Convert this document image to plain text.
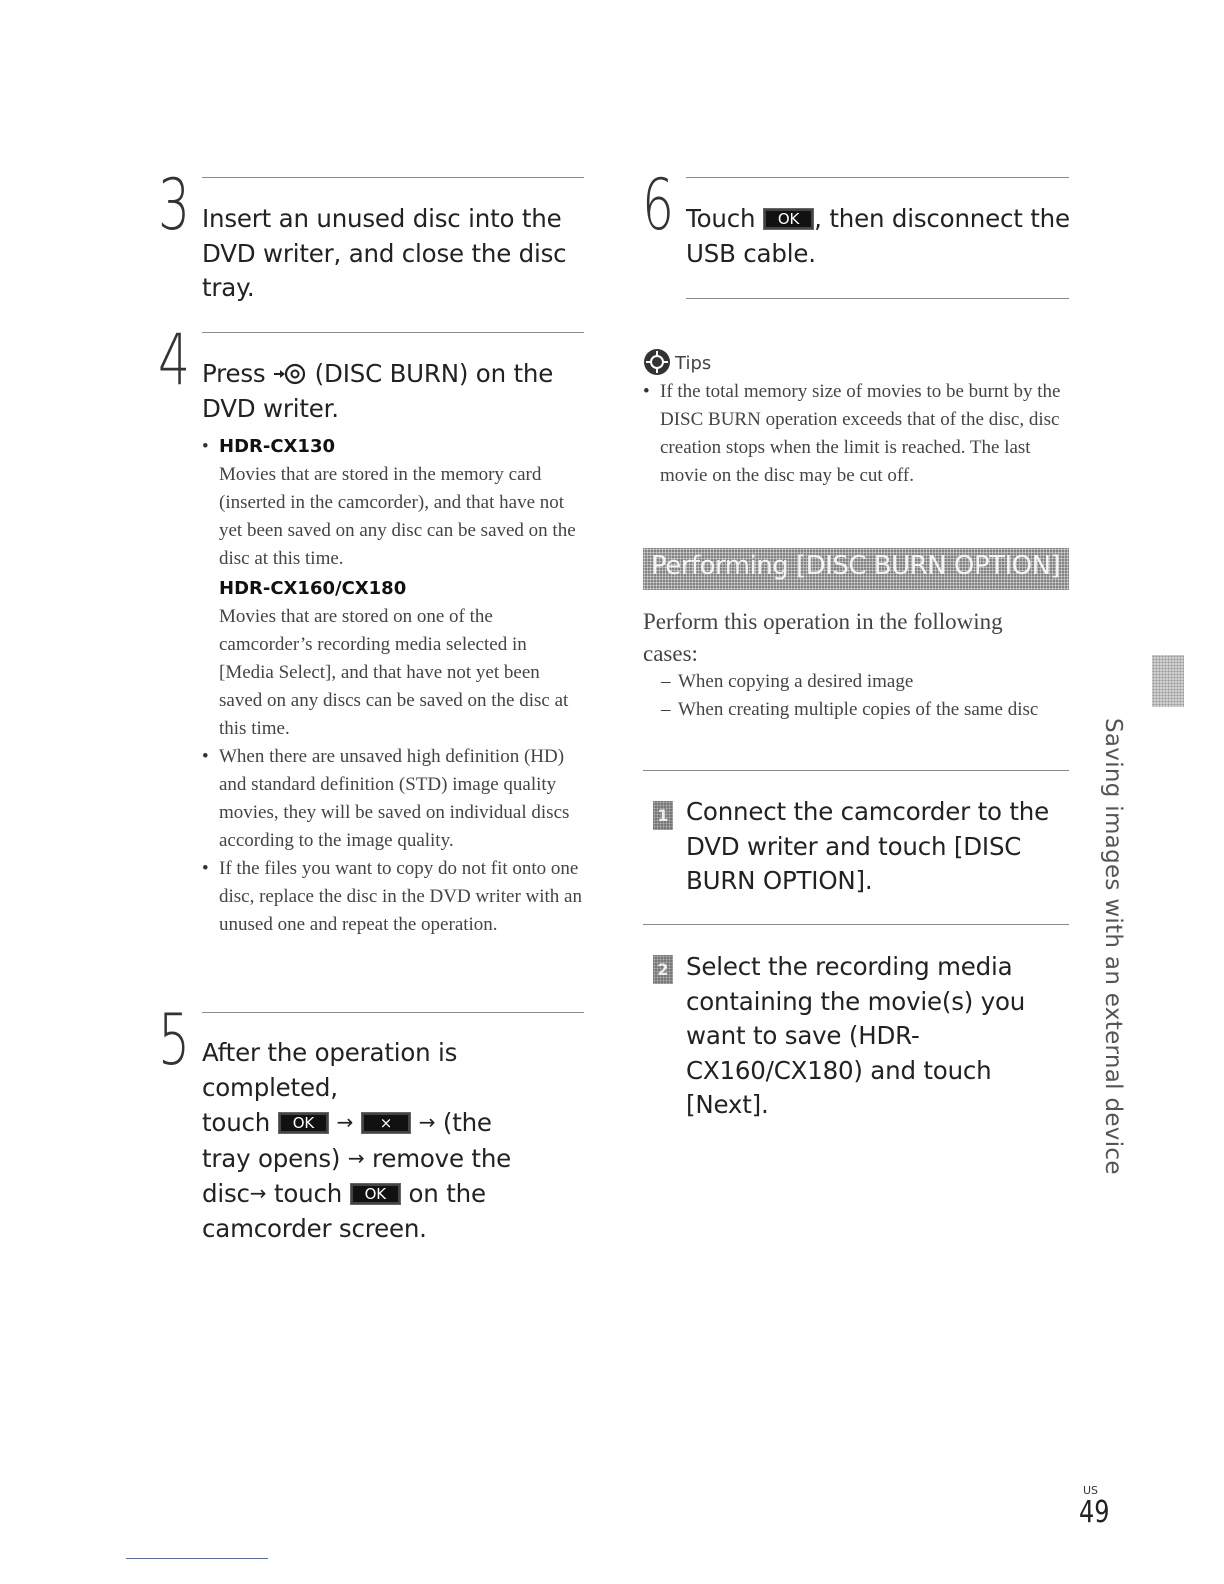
3 Insert an unused disc into the DVD writer, and close the disc tray.
4 Press (DISC BURN) on the DVD writer.
• HDR-CX130
Movies that are stored in the memory card (inserted in the camcorder), and that have not yet been saved on any disc can be saved on the disc at this time.
HDR-CX160/CX180
Movies that are stored on one of the camcorder’s recording media selected in [Media Select], and that have not yet been saved on any discs can be saved on the disc at this time.
• When there are unsaved high definition (HD) and standard definition (STD) image quality movies, they will be saved on individual discs according to the image quality.
• If the files you want to copy do not fit onto one disc, replace the disc in the DVD writer with an unused one and repeat the operation.
5 After the operation is completed,
touch OK → × → (the
tray opens) → remove the
disc→ touch OK on the
camcorder screen.
6 Touch OK , then disconnect the USB cable.
Tips
• If the total memory size of movies to be burnt by the DISC BURN operation exceeds that of the disc, disc creation stops when the limit is reached. The last movie on the disc may be cut off.
Performing [DISC BURN OPTION]
Perform this operation in the following cases:
– When copying a desired image
– When creating multiple copies of the same disc
1 Connect the camcorder to the DVD writer and touch [DISC BURN OPTION].
2 Select the recording media containing the movie(s) you want to save (HDR-CX160/CX180) and touch [Next].	Saving images with an external device
US
49
